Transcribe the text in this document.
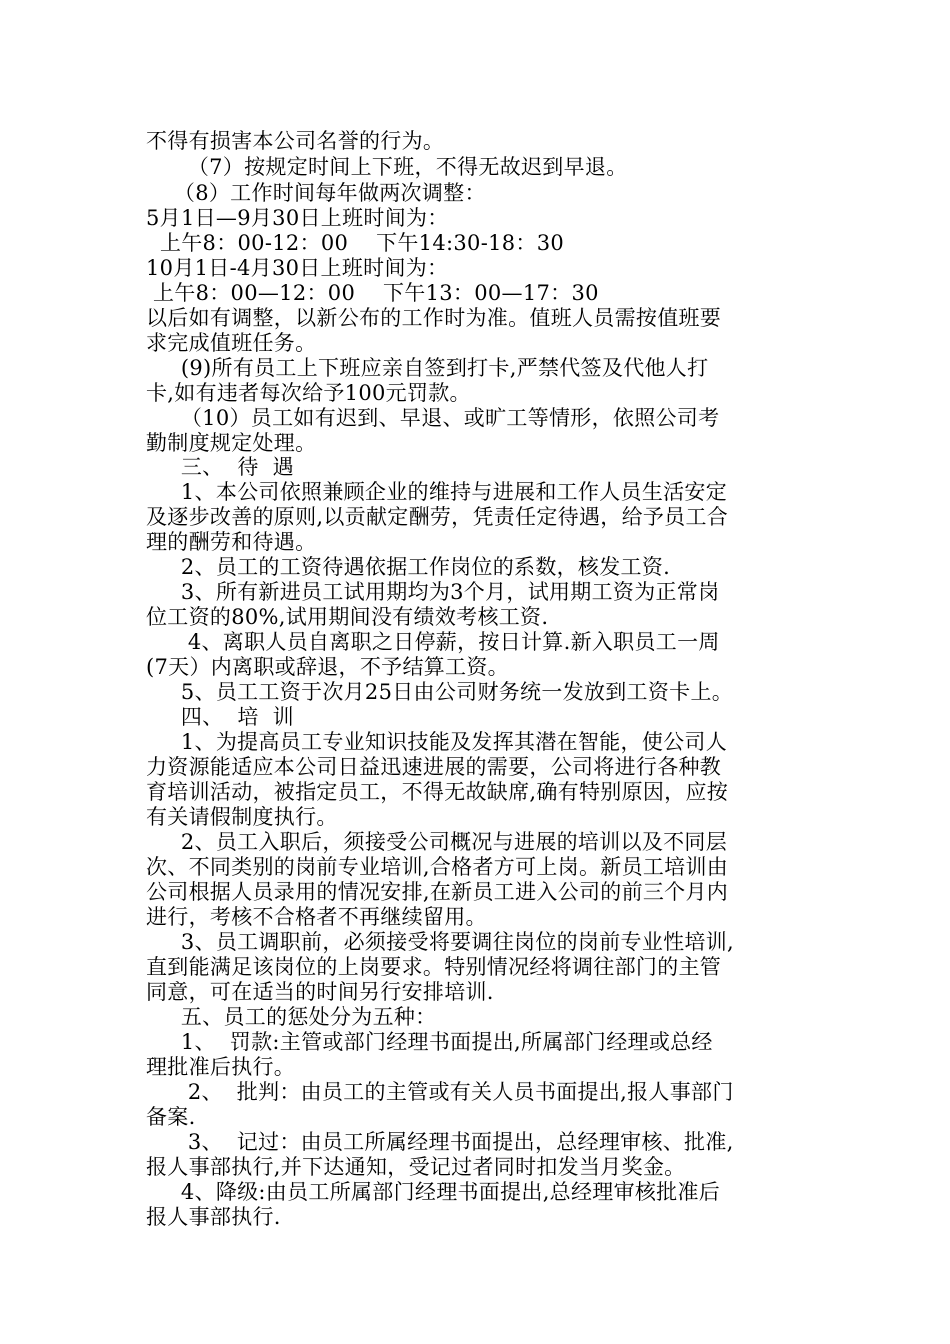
不得有损害本公司名誉的行为。
（7）按规定时间上下班，不得无故迟到早退。
（8）工作时间每年做两次调整：
5月1日—9月30日上班时间为：
上午8：00-12：00    下午14:30-18：30
10月1日-4月30日上班时间为：
上午8：00—12：00    下午13：00—17：30
以后如有调整，以新公布的工作时为准。值班人员需按值班要
求完成值班任务。
(9)所有员工上下班应亲自签到打卡,严禁代签及代他人打
卡,如有违者每次给予100元罚款。
（10）员工如有迟到、早退、或旷工等情形，依照公司考
勤制度规定处理。
三、  待  遇
1、本公司依照兼顾企业的维持与进展和工作人员生活安定
及逐步改善的原则,以贡献定酬劳，凭责任定待遇，给予员工合
理的酬劳和待遇。
2、员工的工资待遇依据工作岗位的系数，核发工资.
3、所有新进员工试用期均为3个月，试用期工资为正常岗
位工资的80%,试用期间没有绩效考核工资.
4、离职人员自离职之日停薪，按日计算.新入职员工一周
(7天）内离职或辞退，不予结算工资。
5、员工工资于次月25日由公司财务统一发放到工资卡上。
四、  培  训
1、为提高员工专业知识技能及发挥其潜在智能，使公司人
力资源能适应本公司日益迅速进展的需要，公司将进行各种教
育培训活动，被指定员工，不得无故缺席,确有特别原因，应按
有关请假制度执行。
2、员工入职后，须接受公司概况与进展的培训以及不同层
次、不同类别的岗前专业培训,合格者方可上岗。新员工培训由
公司根据人员录用的情况安排,在新员工进入公司的前三个月内
进行，考核不合格者不再继续留用。
3、员工调职前，必须接受将要调往岗位的岗前专业性培训,
直到能满足该岗位的上岗要求。特别情况经将调往部门的主管
同意，可在适当的时间另行安排培训.
五、员工的惩处分为五种：
1、  罚款:主管或部门经理书面提出,所属部门经理或总经
理批准后执行。
2、  批判：由员工的主管或有关人员书面提出,报人事部门
备案.
3、  记过：由员工所属经理书面提出，总经理审核、批准,
报人事部执行,并下达通知，受记过者同时扣发当月奖金。
4、降级:由员工所属部门经理书面提出,总经理审核批准后
报人事部执行.
